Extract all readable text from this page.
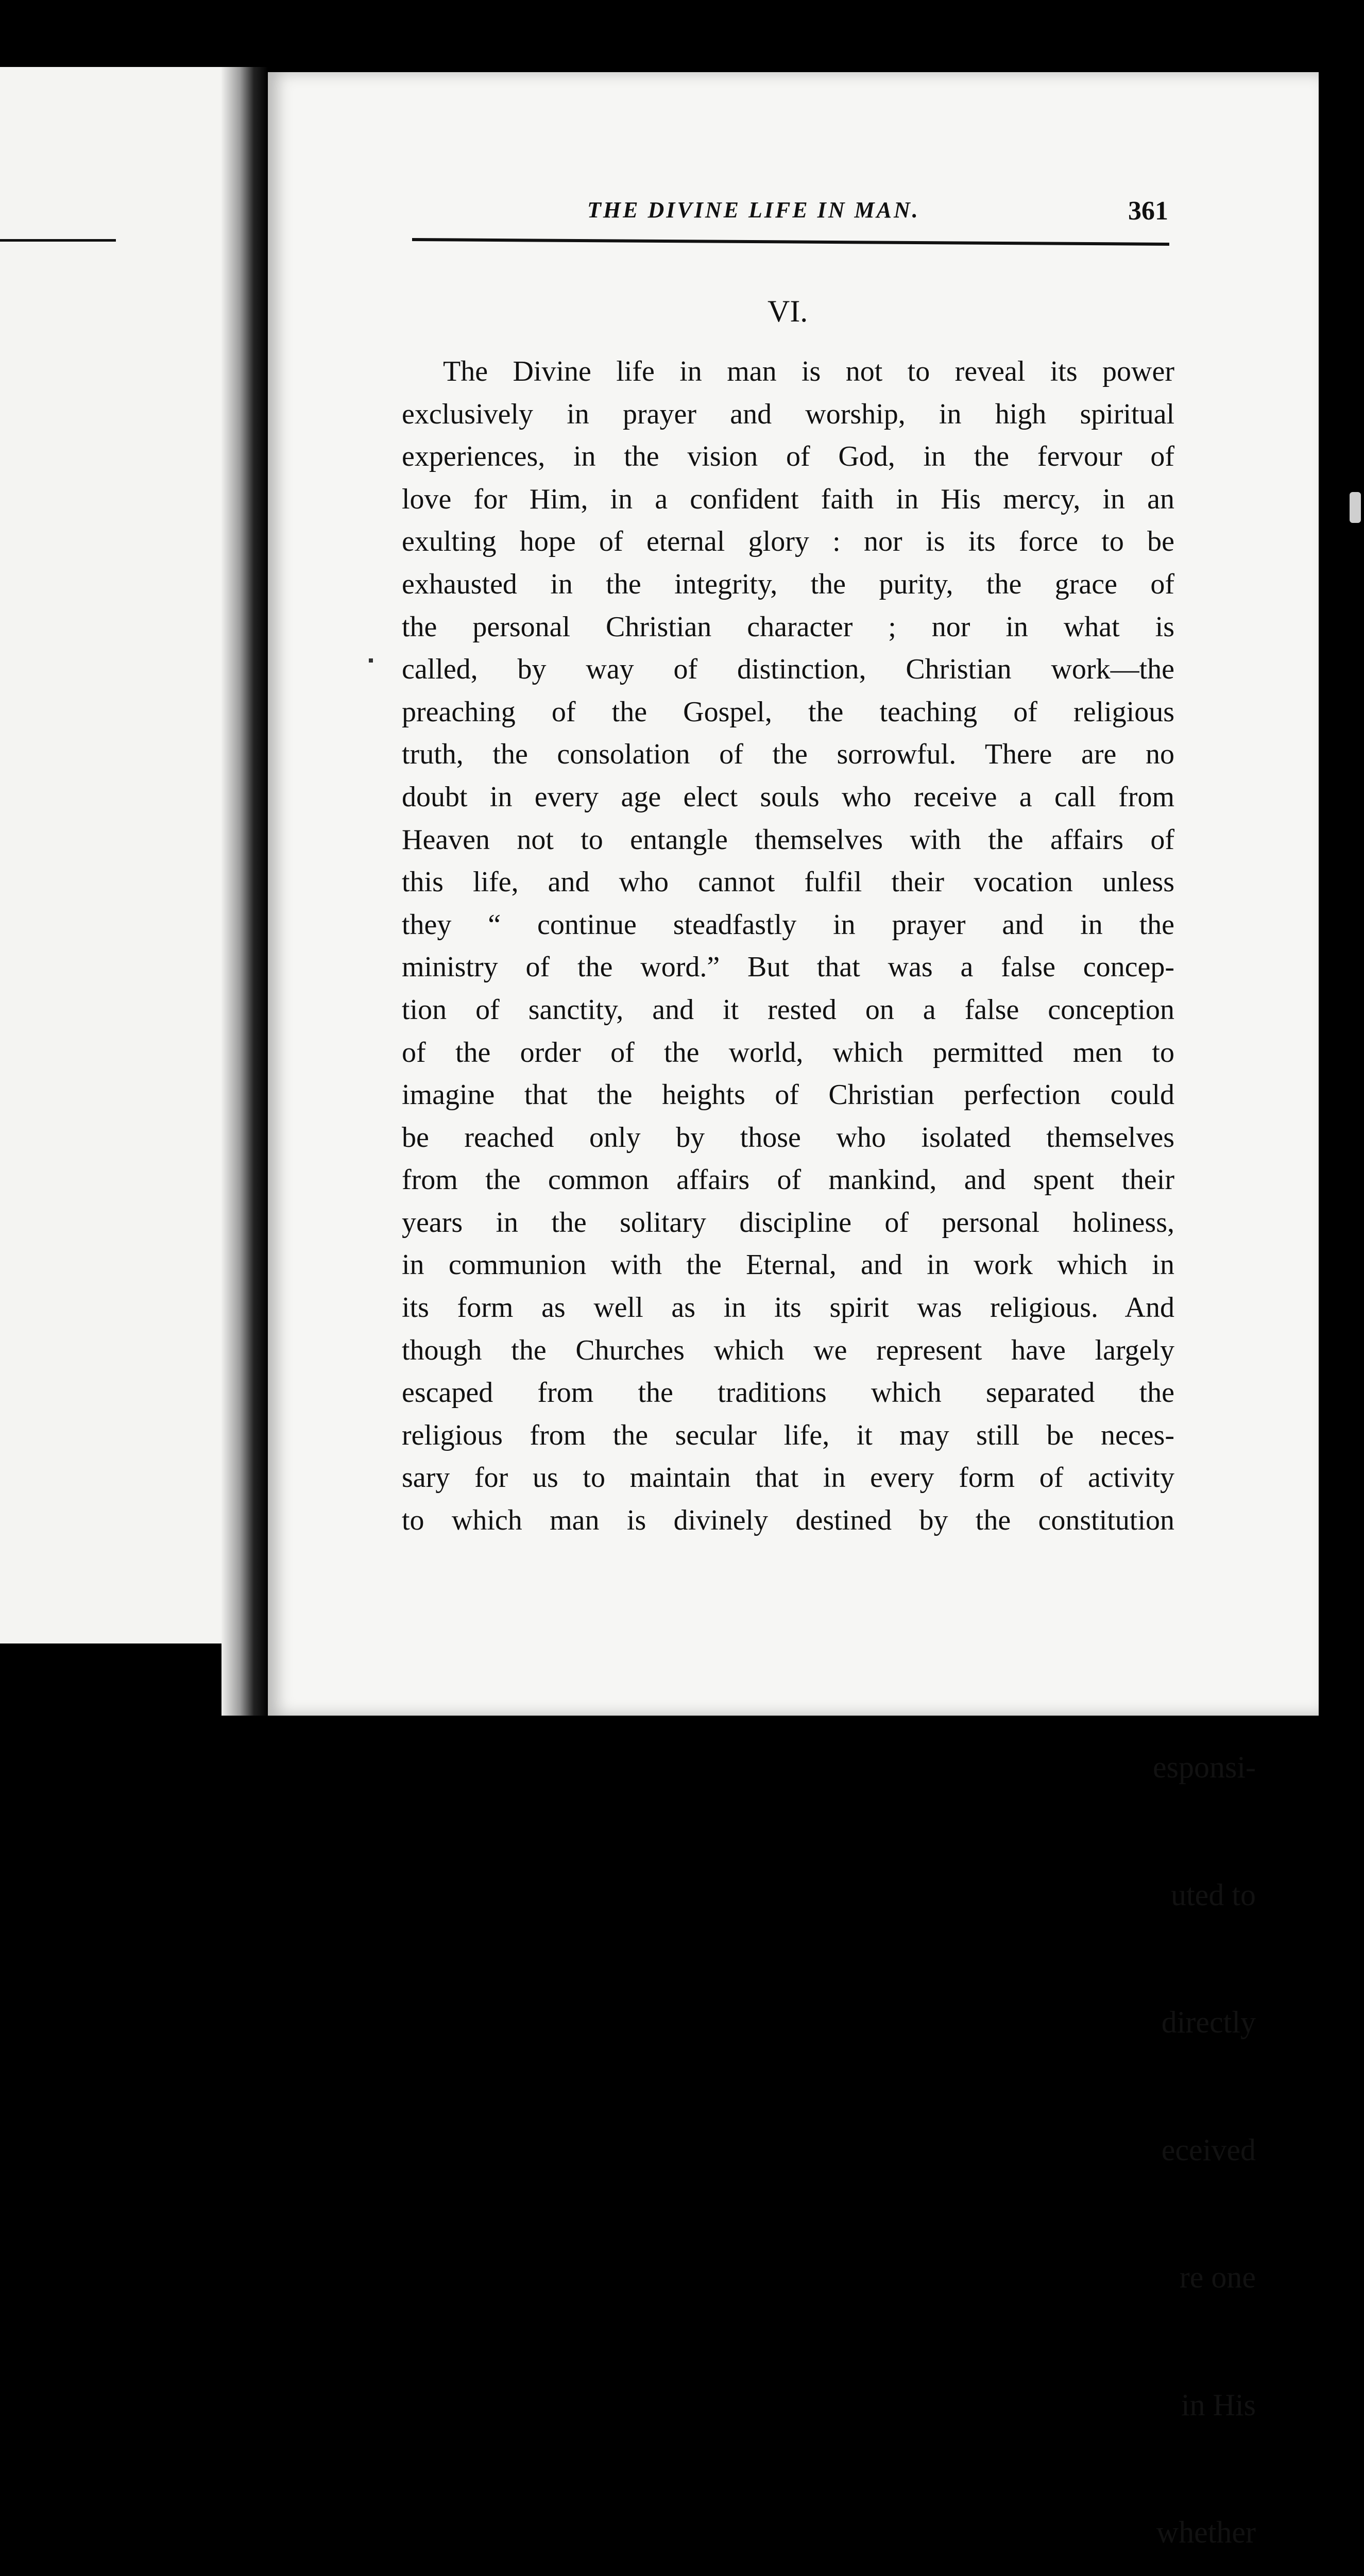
esponsi-

uted to

directly

eceived

re one

in His

whether

THE DIVINE LIFE IN MAN.	361
VI.
The Divine life in man is not to reveal its power
exclusively in prayer and worship, in high spiritual
experiences, in the vision of God, in the fervour of
love for Him, in a confident faith in His mercy, in an
exulting hope of eternal glory : nor is its force to be
exhausted in the integrity, the purity, the grace of
the personal Christian character ; nor in what is
called, by way of distinction, Christian work—the
preaching of the Gospel, the teaching of religious
truth, the consolation of the sorrowful. There are no
doubt in every age elect souls who receive a call from
Heaven not to entangle themselves with the affairs of
this life, and who cannot fulfil their vocation unless
they “ continue steadfastly in prayer and in the
ministry of the word.” But that was a false concep-
tion of sanctity, and it rested on a false conception
of the order of the world, which permitted men to
imagine that the heights of Christian perfection could
be reached only by those who isolated themselves
from the common affairs of mankind, and spent their
years in the solitary discipline of personal holiness,
in communion with the Eternal, and in work which in
its form as well as in its spirit was religious. And
though the Churches which we represent have largely
escaped from the traditions which separated the
religious from the secular life, it may still be neces-
sary for us to maintain that in every form of activity
to which man is divinely destined by the constitution
